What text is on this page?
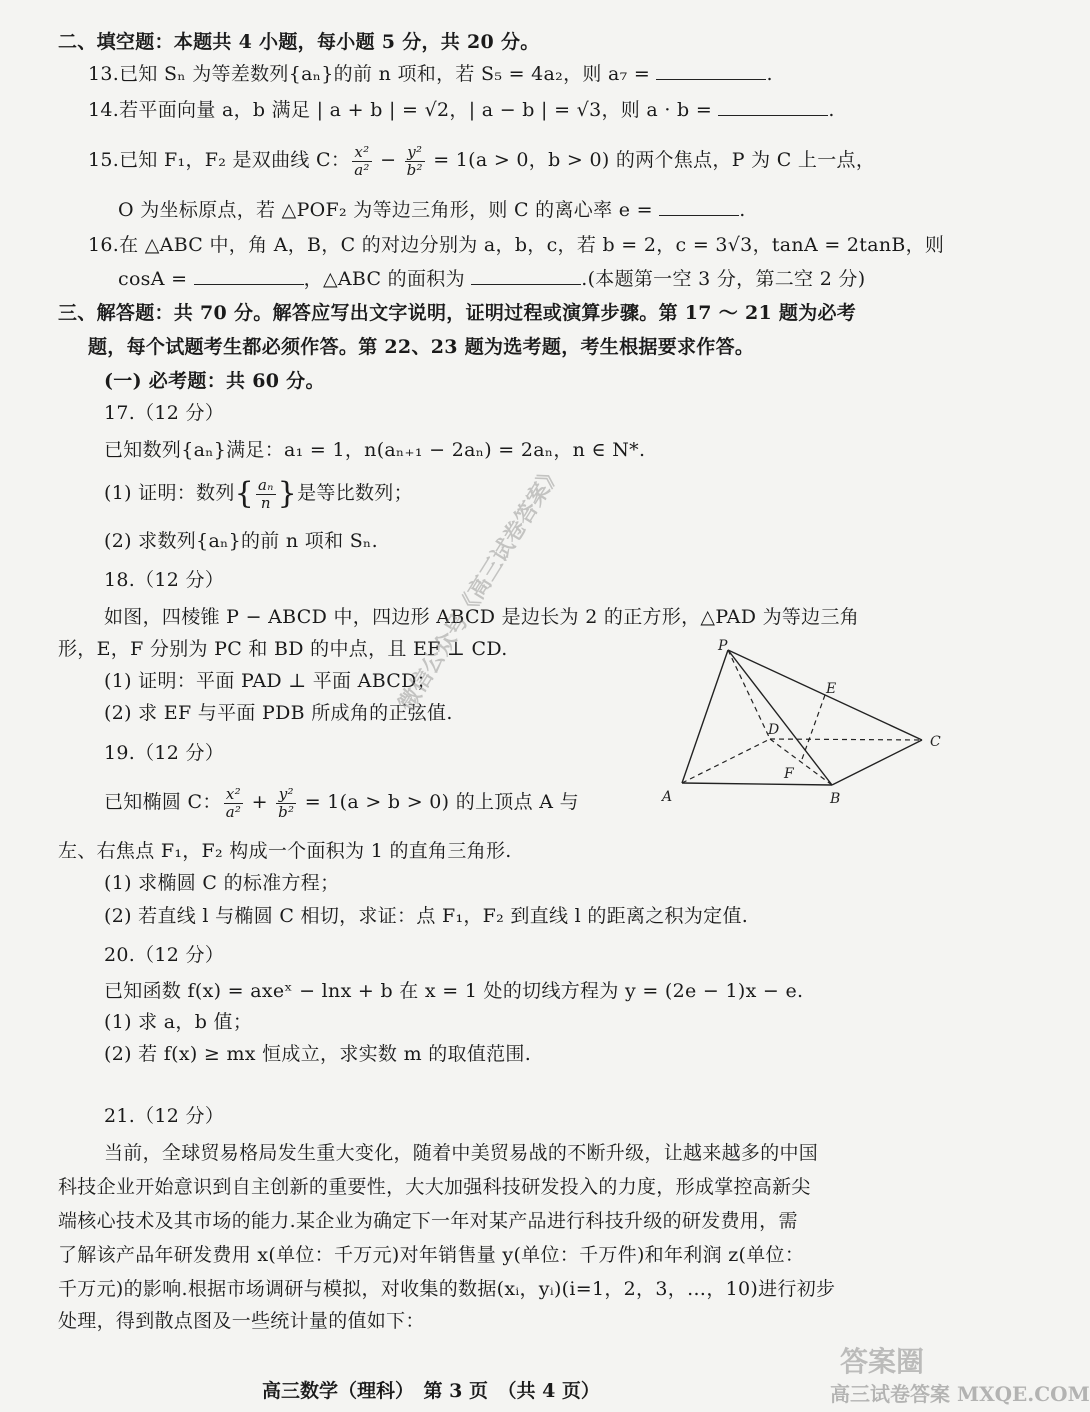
二、填空题：本题共 4 小题，每小题 5 分，共 20 分。
13.已知 Sₙ 为等差数列{aₙ}的前 n 项和，若 S₅ = 4a₂，则 a₇ =	.
14.若平面向量 a，b 满足 | a + b | = √2，| a − b | = √3，则 a · b =	.
15.已知 F₁，F₂ 是双曲线 C： $\frac{\text{x²}}{\text{a²}} - \frac{\text{y²}}{\text{b²}} = 1(a > 0$，b > 0) 的两个焦点，P 为 C 上一点，
O 为坐标原点，若 △POF₂ 为等边三角形，则 C 的离心率 e =	.
16.在 △ABC 中，角 A，B，C 的对边分别为 a，b，c，若 b = 2，c = 3√3，tanA = 2tanB，则
cosA =	，△ABC 的面积为	.(本题第一空 3 分，第二空 2 分)
三、解答题：共 70 分。解答应写出文字说明，证明过程或演算步骤。第 17 ～ 21 题为必考
题，每个试题考生都必须作答。第 22、23 题为选考题，考生根据要求作答。
(一) 必考题：共 60 分。
17.（12 分）
已知数列{aₙ}满足：a₁ = 1，n(aₙ₊₁ − 2aₙ) = 2aₙ，n ∈ N*.
(1) 证明：数列{ $\frac{\text{aₙ}}{n}$ }是等比数列；
(2) 求数列{aₙ}的前 n 项和 Sₙ.
18.（12 分）
如图，四棱锥 P − ABCD 中，四边形 ABCD 是边长为 2 的正方形，△PAD 为等边三角
形，E，F 分别为 PC 和 BD 的中点，且 EF ⊥ CD.
(1) 证明：平面 PAD ⊥ 平面 ABCD；
(2) 求 EF 与平面 PDB 所成角的正弦值.
P
E
D
C
F
A	B
19.（12 分）
已知椭圆 C： $\frac{\text{x²}}{\text{a²}} + \frac{\text{y²}}{\text{b²}} = 1(a > b > 0)$ 的上顶点 A 与
左、右焦点 F₁，F₂ 构成一个面积为 1 的直角三角形.
(1) 求椭圆 C 的标准方程；
(2) 若直线 l 与椭圆 C 相切，求证：点 F₁，F₂ 到直线 l 的距离之积为定值.
20.（12 分）
已知函数 f(x) = axeˣ − lnx + b 在 x = 1 处的切线方程为 y = (2e − 1)x − e.
(1) 求 a，b 值；
(2) 若 f(x) ≥ mx 恒成立，求实数 m 的取值范围.
21.（12 分）
当前，全球贸易格局发生重大变化，随着中美贸易战的不断升级，让越来越多的中国
科技企业开始意识到自主创新的重要性，大大加强科技研发投入的力度，形成掌控高新尖
端核心技术及其市场的能力.某企业为确定下一年对某产品进行科技升级的研发费用，需
了解该产品年研发费用 x(单位：千万元)对年销售量 y(单位：千万件)和年利润 z(单位：
千万元)的影响.根据市场调研与模拟，对收集的数据(xᵢ，yᵢ)(i=1，2，3，…，10)进行初步
处理，得到散点图及一些统计量的值如下：
高三数学（理科）　第 3 页　（共 4 页）
微信公众号《高三试卷答案》
答案圈
高三试卷答案 MXQE.COM
